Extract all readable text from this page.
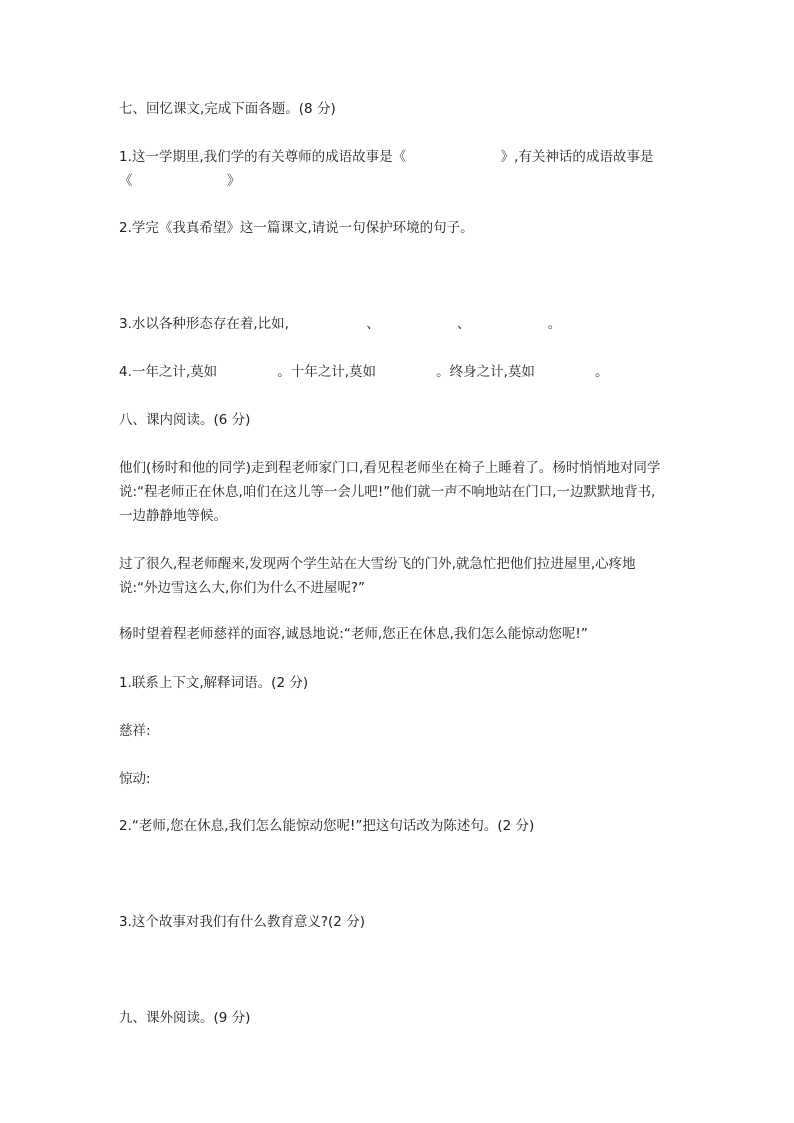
七、回忆课文,完成下面各题。(8 分)
1.这一学期里,我们学的有关尊师的成语故事是《                      》,有关神话的成语故事是
《                      》
2.学完《我真希望》这一篇课文,请说一句保护环境的句子。
3.水以各种形态存在着,比如,                  、                  、                  。
4.一年之计,莫如              。十年之计,莫如              。终身之计,莫如              。
八、课内阅读。(6 分)
他们(杨时和他的同学)走到程老师家门口,看见程老师坐在椅子上睡着了。杨时悄悄地对同学
说:“程老师正在休息,咱们在这儿等一会儿吧!”他们就一声不响地站在门口,一边默默地背书,
一边静静地等候。
过了很久,程老师醒来,发现两个学生站在大雪纷飞的门外,就急忙把他们拉进屋里,心疼地
说:“外边雪这么大,你们为什么不进屋呢?”
杨时望着程老师慈祥的面容,诚恳地说:“老师,您正在休息,我们怎么能惊动您呢!”
1.联系上下文,解释词语。(2 分)
慈祥:
惊动:
2.“老师,您在休息,我们怎么能惊动您呢!”把这句话改为陈述句。(2 分)
3.这个故事对我们有什么教育意义?(2 分)
九、课外阅读。(9 分)
